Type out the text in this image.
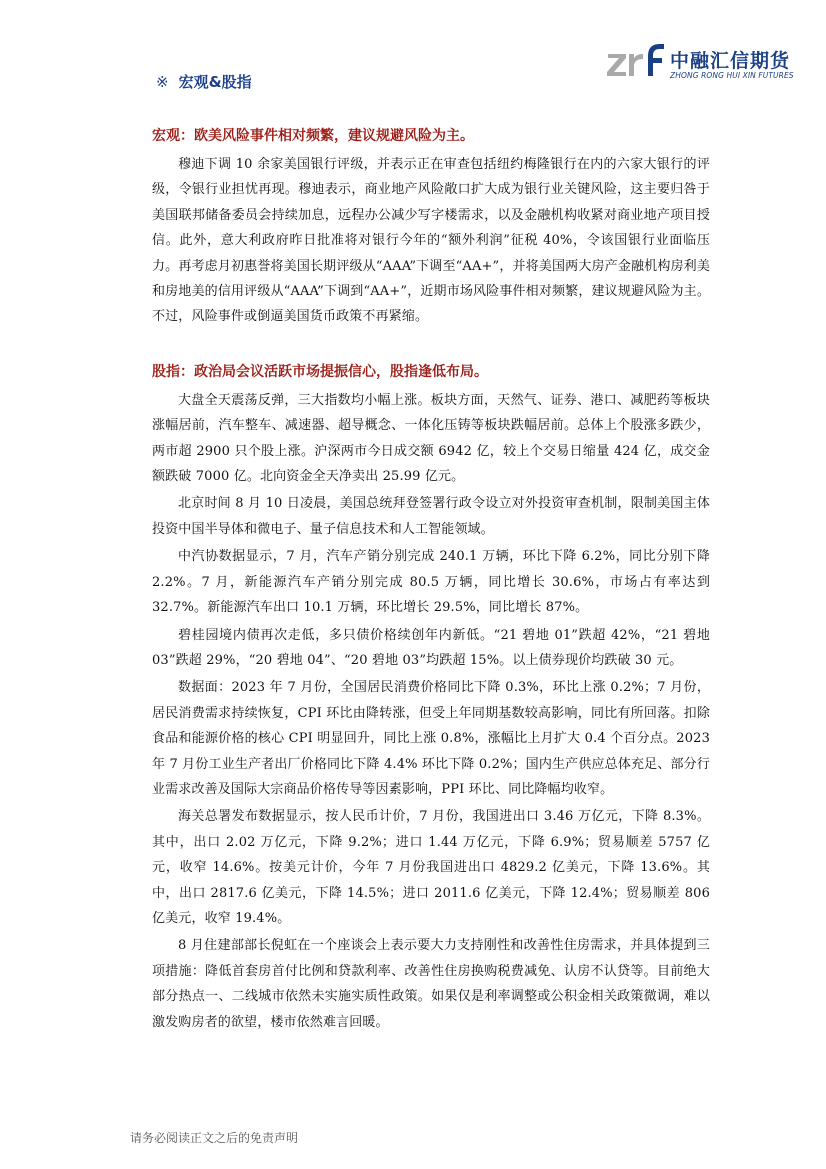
中融汇信期货
ZHONG RONG HUI XIN FUTURES
※ 宏观&股指
宏观：欧美风险事件相对频繁，建议规避风险为主。

穆迪下调 10 余家美国银行评级，并表示正在审查包括纽约梅隆银行在内的六家大银行的评级，令银行业担忧再现。穆迪表示，商业地产风险敞口扩大成为银行业关键风险，这主要归咎于美国联邦储备委员会持续加息，远程办公减少写字楼需求，以及金融机构收紧对商业地产项目授信。此外，意大利政府昨日批准将对银行今年的“额外利润”征税 40%，令该国银行业面临压力。再考虑月初惠誉将美国长期评级从“AAA”下调至“AA+”，并将美国两大房产金融机构房利美和房地美的信用评级从“AAA”下调到“AA+”，近期市场风险事件相对频繁，建议规避风险为主。不过，风险事件或倒逼美国货币政策不再紧缩。

股指：政治局会议活跃市场提振信心，股指逢低布局。

大盘全天震荡反弹，三大指数均小幅上涨。板块方面，天然气、证券、港口、减肥药等板块涨幅居前，汽车整车、减速器、超导概念、一体化压铸等板块跌幅居前。总体上个股涨多跌少，两市超 2900 只个股上涨。沪深两市今日成交额 6942 亿，较上个交易日缩量 424 亿，成交金额跌破 7000 亿。北向资金全天净卖出 25.99 亿元。

北京时间 8 月 10 日凌晨，美国总统拜登签署行政令设立对外投资审查机制，限制美国主体投资中国半导体和微电子、量子信息技术和人工智能领域。

中汽协数据显示，7 月，汽车产销分别完成 240.1 万辆，环比下降 6.2%，同比分别下降 2.2%。7 月，新能源汽车产销分别完成 80.5 万辆，同比增长 30.6%，市场占有率达到 32.7%。新能源汽车出口 10.1 万辆，环比增长 29.5%，同比增长 87%。

碧桂园境内债再次走低，多只债价格续创年内新低。“21 碧地 01”跌超 42%，“21 碧地 03”跌超 29%，“20 碧地 04”、“20 碧地 03”均跌超 15%。以上债券现价均跌破 30 元。

数据面：2023 年 7 月份，全国居民消费价格同比下降 0.3%，环比上涨 0.2%；7 月份，居民消费需求持续恢复，CPI 环比由降转涨，但受上年同期基数较高影响，同比有所回落。扣除食品和能源价格的核心 CPI 明显回升，同比上涨 0.8%，涨幅比上月扩大 0.4 个百分点。2023 年 7 月份工业生产者出厂价格同比下降 4.4% 环比下降 0.2%；国内生产供应总体充足、部分行业需求改善及国际大宗商品价格传导等因素影响，PPI 环比、同比降幅均收窄。

海关总署发布数据显示，按人民币计价，7 月份，我国进出口 3.46 万亿元，下降 8.3%。其中，出口 2.02 万亿元，下降 9.2%；进口 1.44 万亿元，下降 6.9%；贸易顺差 5757 亿元，收窄 14.6%。按美元计价，今年 7 月份我国进出口 4829.2 亿美元，下降 13.6%。其中，出口 2817.6 亿美元，下降 14.5%；进口 2011.6 亿美元，下降 12.4%；贸易顺差 806 亿美元，收窄 19.4%。

8 月住建部部长倪虹在一个座谈会上表示要大力支持刚性和改善性住房需求，并具体提到三项措施：降低首套房首付比例和贷款利率、改善性住房换购税费减免、认房不认贷等。目前绝大部分热点一、二线城市依然未实施实质性政策。如果仅是利率调整或公积金相关政策微调，难以激发购房者的欲望，楼市依然难言回暖。

请务必阅读正文之后的免责声明
